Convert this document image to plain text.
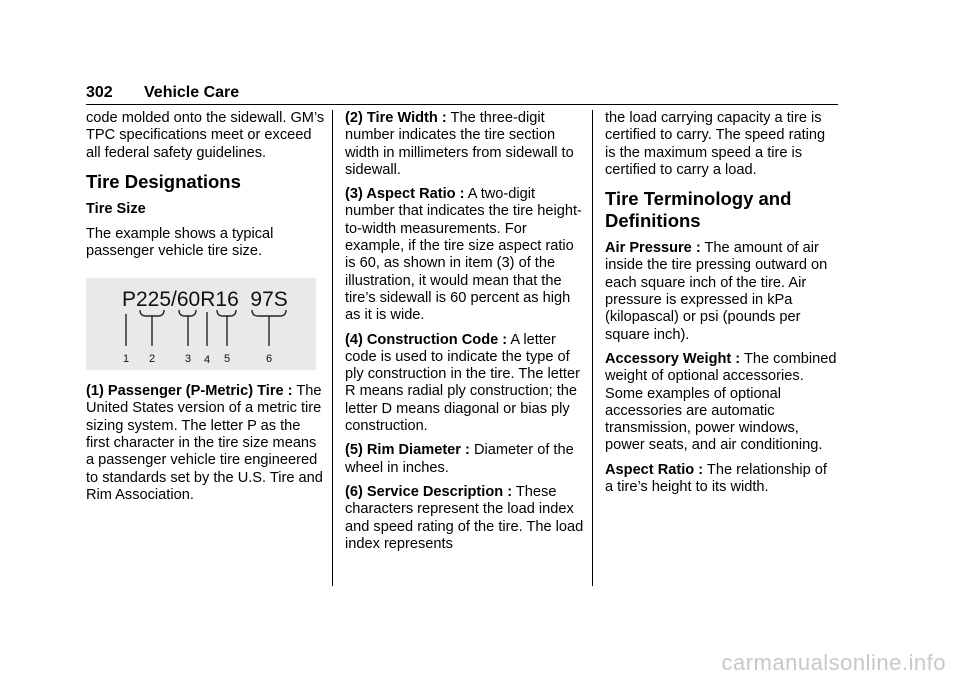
302 Vehicle Care

code molded onto the sidewall. GM’s TPC specifications meet or exceed all federal safety guidelines.

Tire Designations
Tire Size

The example shows a typical passenger vehicle tire size.

P225/60R16  97S
1 2	3 4 5	6

(1) Passenger (P-Metric) Tire : The United States version of a metric tire sizing system. The letter P as the first character in the tire size means a passenger vehicle tire engineered to standards set by the U.S. Tire and Rim Association.

(2) Tire Width : The three-digit number indicates the tire section width in millimeters from sidewall to sidewall.

(3) Aspect Ratio : A two-digit number that indicates the tire height-to-width measurements. For example, if the tire size aspect ratio is 60, as shown in item (3) of the illustration, it would mean that the tire’s sidewall is 60 percent as high as it is wide.

(4) Construction Code : A letter code is used to indicate the type of ply construction in the tire. The letter R means radial ply construction; the letter D means diagonal or bias ply construction.

(5) Rim Diameter : Diameter of the wheel in inches.

(6) Service Description : These characters represent the load index and speed rating of the tire. The load index represents

the load carrying capacity a tire is certified to carry. The speed rating is the maximum speed a tire is certified to carry a load.

Tire Terminology and Definitions

Air Pressure : The amount of air inside the tire pressing outward on each square inch of the tire. Air pressure is expressed in kPa (kilopascal) or psi (pounds per square inch).

Accessory Weight : The combined weight of optional accessories. Some examples of optional accessories are automatic transmission, power windows, power seats, and air conditioning.

Aspect Ratio : The relationship of a tire’s height to its width.

carmanualsonline.info
